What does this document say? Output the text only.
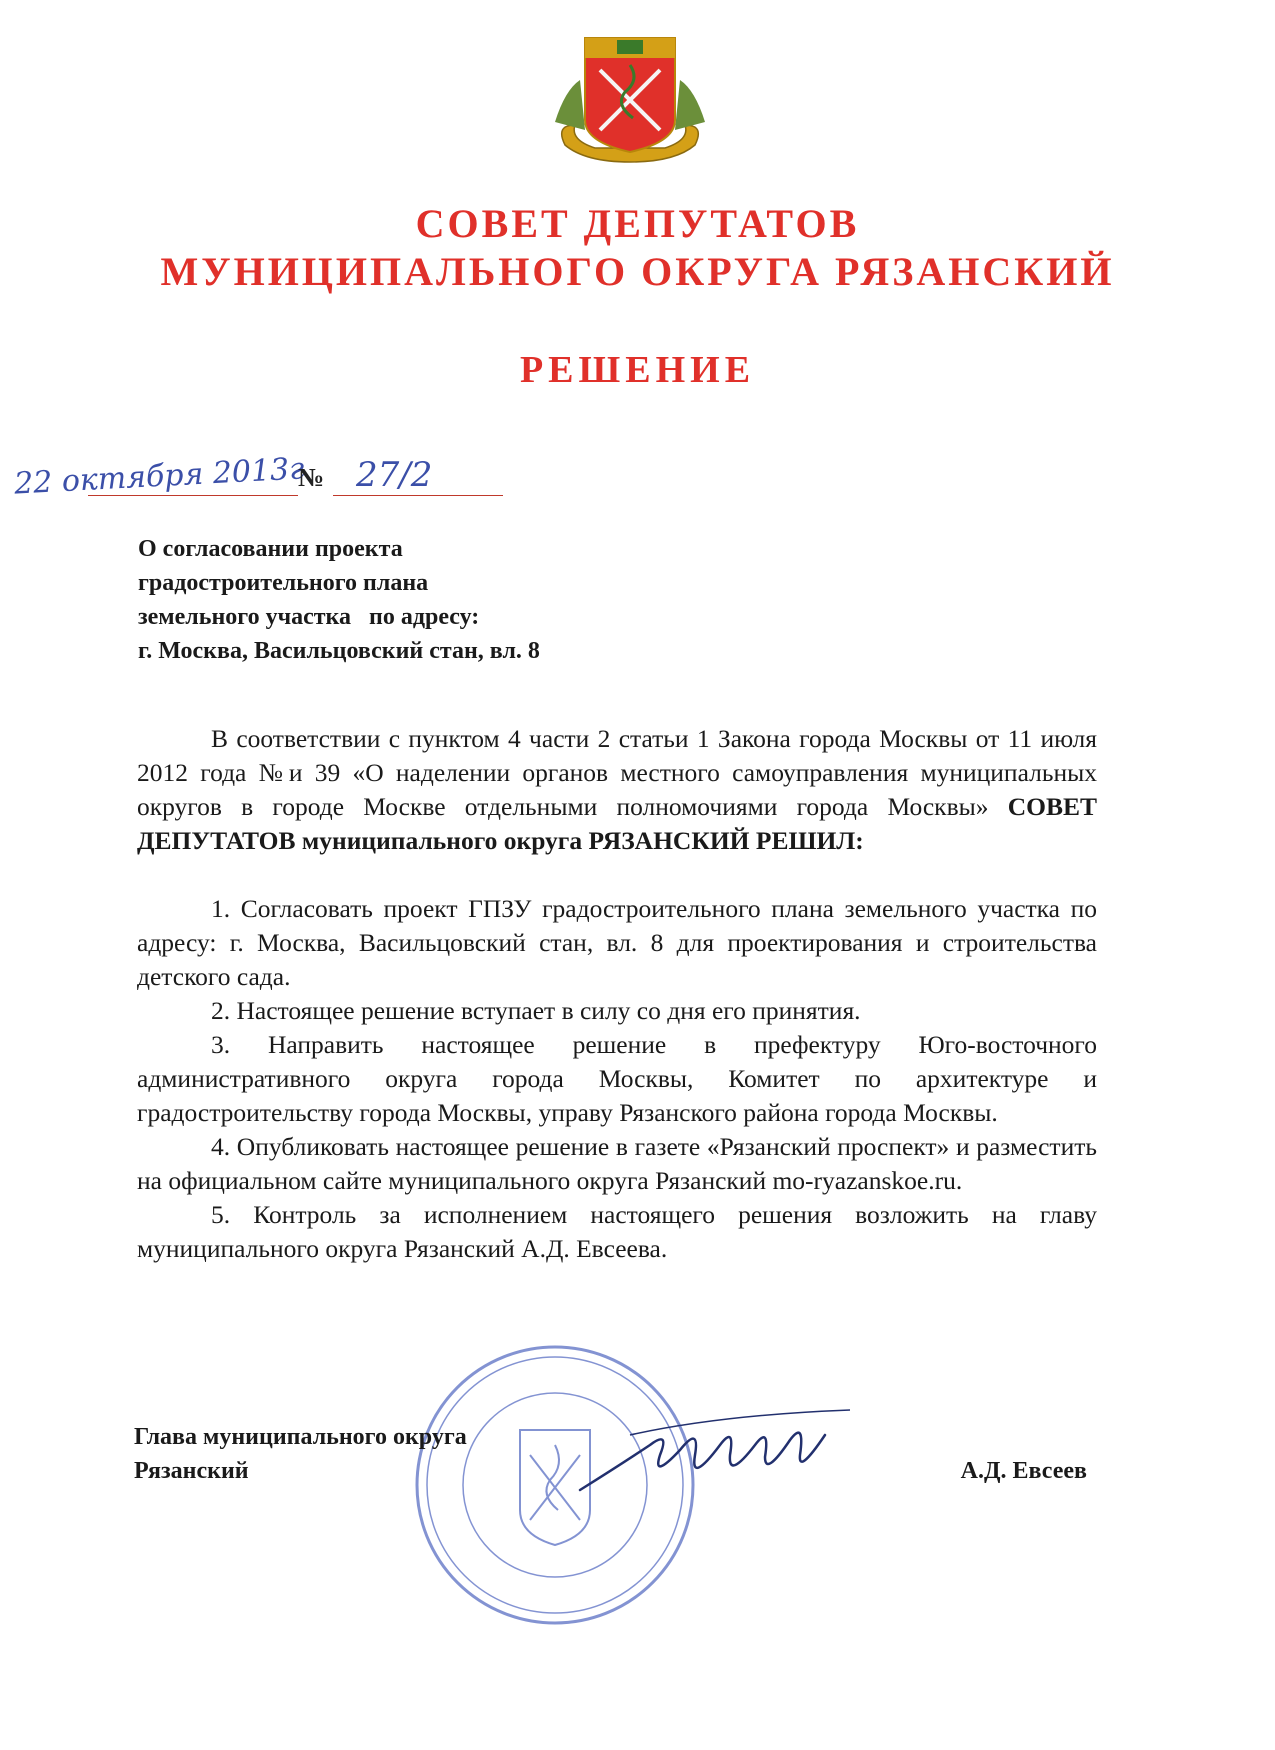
СОВЕТ ДЕПУТАТОВ
МУНИЦИПАЛЬНОГО ОКРУГА РЯЗАНСКИЙ
РЕШЕНИЕ
22 октября 2013г
№ 27/2
О согласовании проекта
градостроительного плана
земельного участка   по адресу:
г. Москва, Васильцовский стан, вл. 8

В соответствии с пунктом 4 части 2 статьи 1 Закона города Москвы от 11 июля 2012 года №и 39 «О наделении органов местного самоуправления муниципальных округов в городе Москве отдельными полномочиями города Москвы» СОВЕТ ДЕПУТАТОВ муниципального округа РЯЗАНСКИЙ РЕШИЛ:

1. Согласовать проект ГПЗУ градостроительного плана земельного участка по адресу: г. Москва, Васильцовский стан, вл. 8 для проектирования и строительства детского сада.

2. Настоящее решение вступает в силу со дня его принятия.

3. Направить настоящее решение в префектуру Юго-восточного административного округа города Москвы, Комитет по архитектуре и градостроительству города Москвы, управу Рязанского района города Москвы.

4. Опубликовать настоящее решение в газете «Рязанский проспект» и разместить на официальном сайте муниципального округа Рязанский mo-ryazanskoe.ru.

5. Контроль за исполнением настоящего решения возложить на главу муниципального округа Рязанский А.Д. Евсеева.

Глава муниципального округа
Рязанский	А.Д. Евсеев
